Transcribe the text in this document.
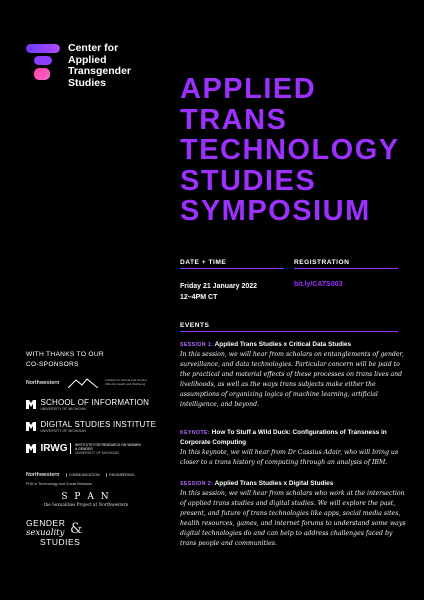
Center for
Applied
Transgender
Studies	APPLIED
TRANS
TECHNOLOGY
STUDIES
SYMPOSIUM
DATE + TIME	REGISTRATION
Friday 21 January 2022
12–4PM CT
bit.ly/CATS003
EVENTS
SESSION 1: Applied Trans Studies x Critical Data Studies
In this session, we will hear from scholars on entanglements of gender, surveillance, and data technologies. Particular concern will be paid to the practical and material effects of these processes on trans lives and livelihoods, as well as the ways trans subjects make either the assumptions of organizing logics of machine learning, artificial intelligence, and beyond.
KEYNOTE: How To Stuff a Wild Duck: Configurations of Transness in Corporate Computing
In this keynote, we will hear from Dr Cassius Adair, who will bring us closer to a trans history of computing through an analysis of IBM.
SESSION 2: Applied Trans Studies x Digital Studies
In this session, we will hear from scholars who work at the intersection of applied trans studies and digital studies. We will explore the past, present, and future of trans technologies like apps, social media sites, health resources, games, and internet forums to understand some ways digital technologies do and can help to address challenges faced by trans people and communities.
WITH THANKS TO OUR
CO-SPONSORS
Northwestern	Institute for Sexual and Gender Minority Health and Wellbeing
SCHOOL OF INFORMATION
UNIVERSITY OF MICHIGAN
DIGITAL STUDIES INSTITUTE
UNIVERSITY OF MICHIGAN
IRWG INSTITUTE FOR RESEARCH ON WOMEN & GENDER
UNIVERSITY OF MICHIGAN
Northwestern	COMMUNICATION	ENGINEERING
PhD in Technology and Social Behavior
S P A N
the Sexualities Project at Northwestern
GENDER
sexuality
STUDIES
&
